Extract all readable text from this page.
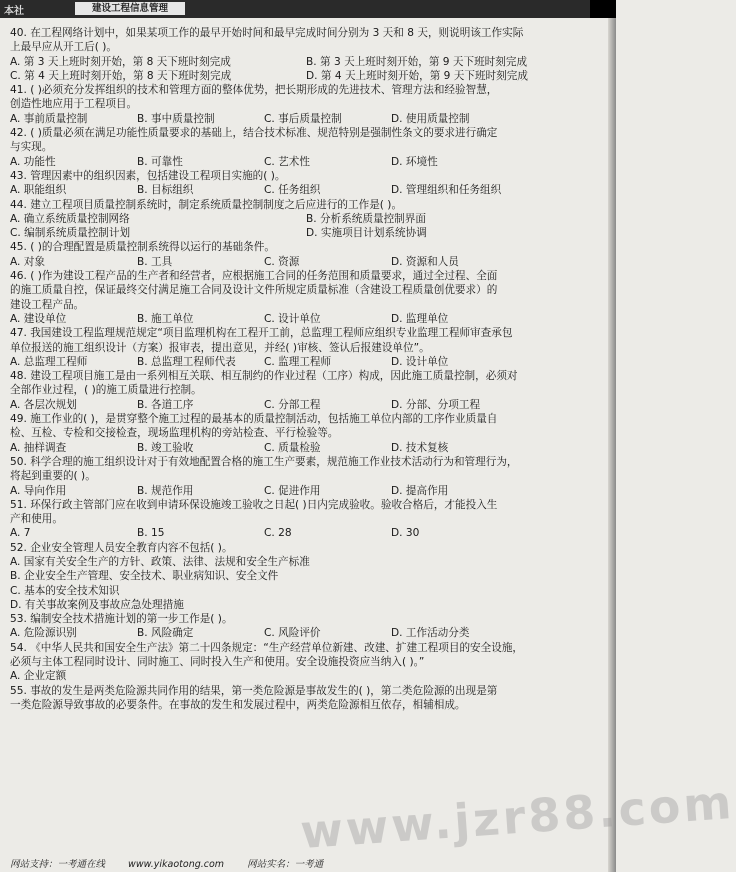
本社	建设工程信息管理
40. 在工程网络计划中，如果某项工作的最早开始时间和最早完成时间分别为 3 天和 8 天，则说明该工作实际
上最早应从开工后( )。
A. 第 3 天上班时刻开始，第 8 天下班时刻完成	B. 第 3 天上班时刻开始，第 9 天下班时刻完成
C. 第 4 天上班时刻开始，第 8 天下班时刻完成	D. 第 4 天上班时刻开始，第 9 天下班时刻完成
41. ( )必须充分发挥组织的技术和管理方面的整体优势，把长期形成的先进技术、管理方法和经验智慧，
创造性地应用于工程项目。
A. 事前质量控制	B. 事中质量控制	C. 事后质量控制	D. 使用质量控制
42. ( )质量必须在满足功能性质量要求的基础上，结合技术标准、规范特别是强制性条文的要求进行确定
与实现。
A. 功能性	B. 可靠性	C. 艺术性	D. 环境性
43. 管理因素中的组织因素，包括建设工程项目实施的( )。
A. 职能组织	B. 目标组织	C. 任务组织	D. 管理组织和任务组织
44. 建立工程项目质量控制系统时，制定系统质量控制制度之后应进行的工作是( )。
A. 确立系统质量控制网络	B. 分析系统质量控制界面
C. 编制系统质量控制计划	D. 实施项目计划系统协调
45. ( )的合理配置是质量控制系统得以运行的基础条件。
A. 对象	B. 工具	C. 资源	D. 资源和人员
46. ( )作为建设工程产品的生产者和经营者，应根据施工合同的任务范围和质量要求，通过全过程、全面
的施工质量自控，保证最终交付满足施工合同及设计文件所规定质量标准（含建设工程质量创优要求）的
建设工程产品。
A. 建设单位	B. 施工单位	C. 设计单位	D. 监理单位
47. 我国建设工程监理规范规定“项目监理机构在工程开工前，总监理工程师应组织专业监理工程师审查承包
单位报送的施工组织设计（方案）报审表，提出意见，并经( )审核、签认后报建设单位”。
A. 总监理工程师	B. 总监理工程师代表	C. 监理工程师	D. 设计单位
48. 建设工程项目施工是由一系列相互关联、相互制约的作业过程（工序）构成，因此施工质量控制，必须对
全部作业过程，( )的施工质量进行控制。
A. 各层次规划	B. 各道工序	C. 分部工程	D. 分部、分项工程
49. 施工作业的( )，是贯穿整个施工过程的最基本的质量控制活动，包括施工单位内部的工序作业质量自
检、互检、专检和交接检查，现场监理机构的旁站检查、平行检验等。
A. 抽样调查	B. 竣工验收	C. 质量检验	D. 技术复核
50. 科学合理的施工组织设计对于有效地配置合格的施工生产要素，规范施工作业技术活动行为和管理行为，
将起到重要的( )。
A. 导向作用	B. 规范作用	C. 促进作用	D. 提高作用
51. 环保行政主管部门应在收到申请环保设施竣工验收之日起( )日内完成验收。验收合格后，才能投入生
产和使用。
A. 7	B. 15	C. 28	D. 30
52. 企业安全管理人员安全教育内容不包括( )。
A. 国家有关安全生产的方针、政策、法律、法规和安全生产标准
B. 企业安全生产管理、安全技术、职业病知识、安全文件
C. 基本的安全技术知识
D. 有关事故案例及事故应急处理措施
53. 编制安全技术措施计划的第一步工作是( )。
A. 危险源识别	B. 风险确定	C. 风险评价	D. 工作活动分类
54. 《中华人民共和国安全生产法》第二十四条规定：“生产经营单位新建、改建、扩建工程项目的安全设施，
必须与主体工程同时设计、同时施工、同时投入生产和使用。安全设施投资应当纳入( )。”
A. 企业定额
55. 事故的发生是两类危险源共同作用的结果，第一类危险源是事故发生的( )，第二类危险源的出现是第
一类危险源导致事故的必要条件。在事故的发生和发展过程中，两类危险源相互依存，相辅相成。
www.jzr88.com
网站支持：一考通在线 www.yikaotong.com 网站实名：一考通
